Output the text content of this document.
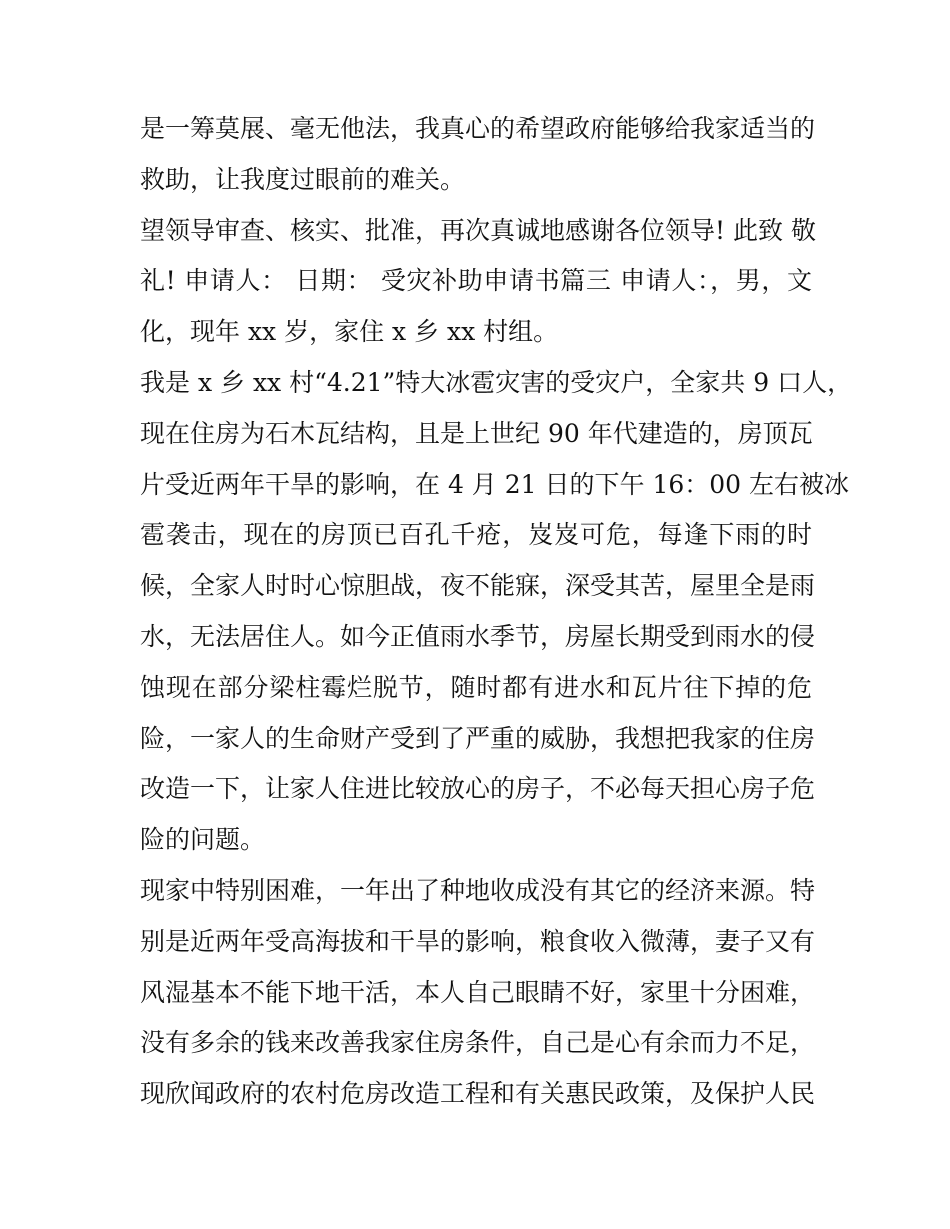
是一筹莫展、毫无他法，我真心的希望政府能够给我家适当的
救助，让我度过眼前的难关。
望领导审查、核实、批准，再次真诚地感谢各位领导! 此致 敬
礼! 申请人： 日期： 受灾补助申请书篇三 申请人：，男，文
化，现年 xx 岁，家住 x 乡 xx 村组。
我是 x 乡 xx 村“4.21”特大冰雹灾害的受灾户，全家共 9 口人，
现在住房为石木瓦结构，且是上世纪 90 年代建造的，房顶瓦
片受近两年干旱的影响，在 4 月 21 日的下午 16：00 左右被冰
雹袭击，现在的房顶已百孔千疮，岌岌可危，每逢下雨的时
候，全家人时时心惊胆战，夜不能寐，深受其苦，屋里全是雨
水，无法居住人。如今正值雨水季节，房屋长期受到雨水的侵
蚀现在部分梁柱霉烂脱节，随时都有进水和瓦片往下掉的危
险，一家人的生命财产受到了严重的威胁，我想把我家的住房
改造一下，让家人住进比较放心的房子，不必每天担心房子危
险的问题。
现家中特别困难，一年出了种地收成没有其它的经济来源。特
别是近两年受高海拔和干旱的影响，粮食收入微薄，妻子又有
风湿基本不能下地干活，本人自己眼睛不好，家里十分困难，
没有多余的钱来改善我家住房条件，自己是心有余而力不足，
现欣闻政府的农村危房改造工程和有关惠民政策，及保护人民
